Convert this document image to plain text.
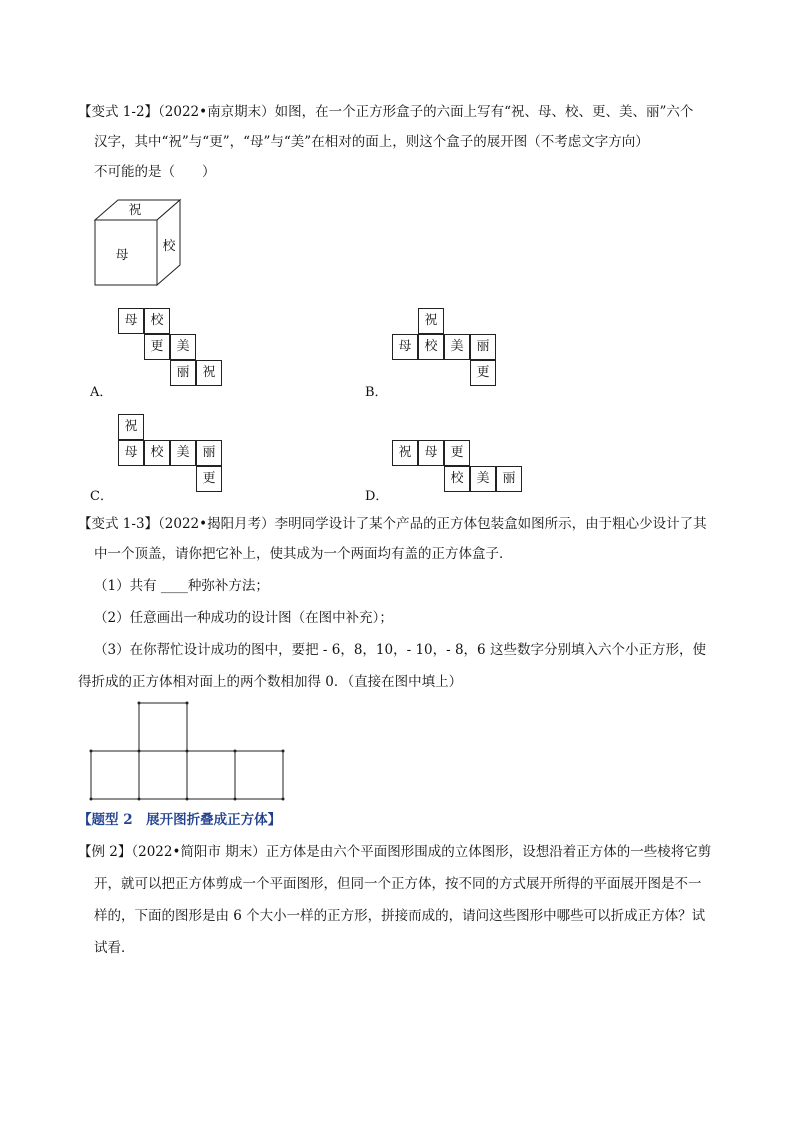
【变式 1-2】（2022•南京期末）如图，在一个正方形盒子的六面上写有“祝、母、校、更、美、丽”六个
汉字，其中“祝”与“更”，“母”与“美”在相对的面上，则这个盒子的展开图（不考虑文字方向）
不可能的是（　　）
祝
母
校
母 校
更 美
丽 祝
A．
祝
母 校 美 丽
更
B．
祝
母 校 美 丽
更
C．
祝 母 更
校 美 丽
D．
【变式 1-3】（2022•揭阳月考）李明同学设计了某个产品的正方体包装盒如图所示，由于粗心少设计了其
中一个顶盖，请你把它补上，使其成为一个两面均有盖的正方体盒子．
（1）共有 ____种弥补方法；
（2）任意画出一种成功的设计图（在图中补充）；
（3）在你帮忙设计成功的图中，要把 - 6，8，10，- 10，- 8，6 这些数字分别填入六个小正方形，使
得折成的正方体相对面上的两个数相加得 0．（直接在图中填上）
【题型 2　展开图折叠成正方体】
【例 2】（2022•简阳市 期末）正方体是由六个平面图形围成的立体图形，设想沿着正方体的一些棱将它剪
开，就可以把正方体剪成一个平面图形，但同一个正方体，按不同的方式展开所得的平面展开图是不一
样的，下面的图形是由 6 个大小一样的正方形，拼接而成的，请问这些图形中哪些可以折成正方体？试
试看．
